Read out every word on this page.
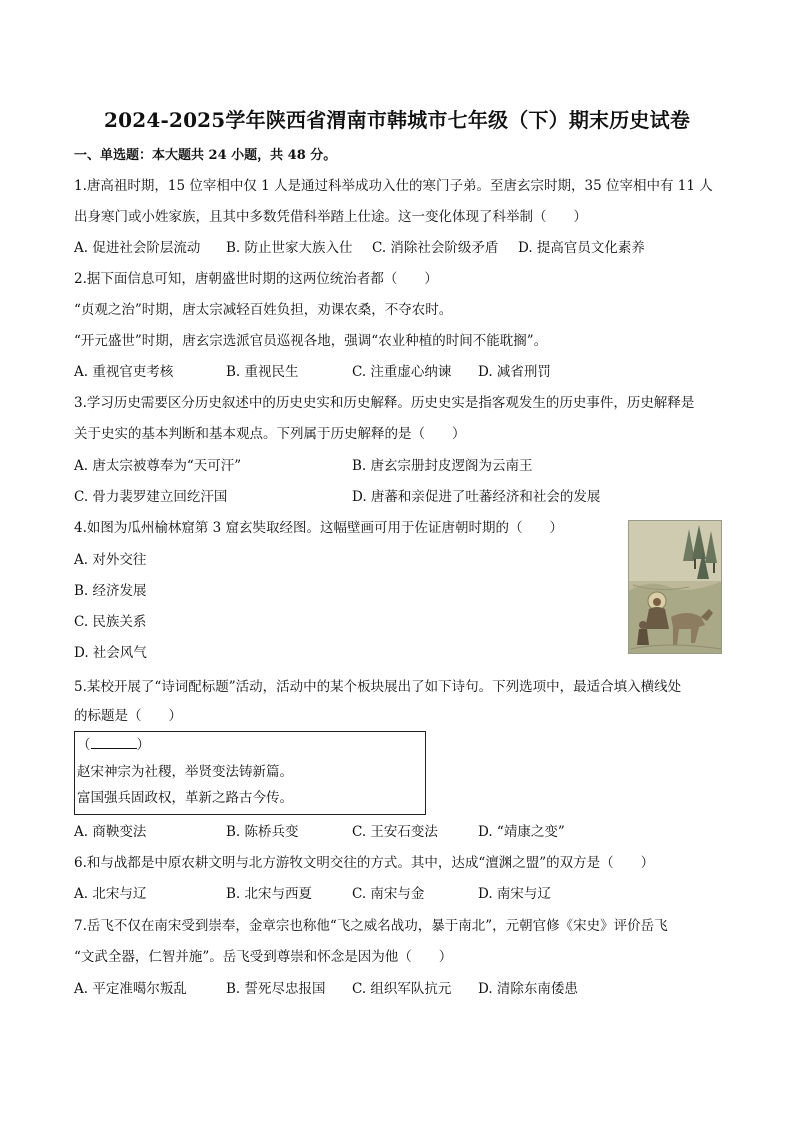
2024-2025学年陕西省渭南市韩城市七年级（下）期末历史试卷
一、单选题：本大题共 24 小题，共 48 分。
1.唐高祖时期，15 位宰相中仅 1 人是通过科举成功入仕的寒门子弟。至唐玄宗时期，35 位宰相中有 11 人
出身寒门或小姓家族，且其中多数凭借科举踏上仕途。这一变化体现了科举制（　　）
A. 促进社会阶层流动 B. 防止世家大族入仕 C. 消除社会阶级矛盾 D. 提高官员文化素养
2.据下面信息可知，唐朝盛世时期的这两位统治者都（　　）
“贞观之治”时期，唐太宗减轻百姓负担，劝课农桑，不夺农时。
“开元盛世”时期，唐玄宗选派官员巡视各地，强调“农业种植的时间不能耽搁”。
A. 重视官吏考核	B. 重视民生	C. 注重虚心纳谏 D. 减省刑罚
3.学习历史需要区分历史叙述中的历史史实和历史解释。历史史实是指客观发生的历史事件，历史解释是
关于史实的基本判断和基本观点。下列属于历史解释的是（　　）
A. 唐太宗被尊奉为“天可汗”	B. 唐玄宗册封皮逻阁为云南王
C. 骨力裴罗建立回纥汗国	D. 唐蕃和亲促进了吐蕃经济和社会的发展
4.如图为瓜州榆林窟第 3 窟玄奘取经图。这幅壁画可用于佐证唐朝时期的（　　）
A. 对外交往
B. 经济发展
C. 民族关系
D. 社会风气
5.某校开展了“诗词配标题”活动，活动中的某个板块展出了如下诗句。下列选项中，最适合填入横线处
的标题是（　　）
（	）
赵宋神宗为社稷，举贤变法铸新篇。
富国强兵固政权，革新之路古今传。
A. 商鞅变法	B. 陈桥兵变	C. 王安石变法	D. “靖康之变”
6.和与战都是中原农耕文明与北方游牧文明交往的方式。其中，达成“澶渊之盟”的双方是（　　）
A. 北宋与辽	B. 北宋与西夏	C. 南宋与金	D. 南宋与辽
7.岳飞不仅在南宋受到崇奉，金章宗也称他“飞之威名战功，暴于南北”，元朝官修《宋史》评价岳飞
“文武全器，仁智并施”。岳飞受到尊崇和怀念是因为他（　　）
A. 平定准噶尔叛乱	B. 誓死尽忠报国 C. 组织军队抗元 D. 清除东南倭患
